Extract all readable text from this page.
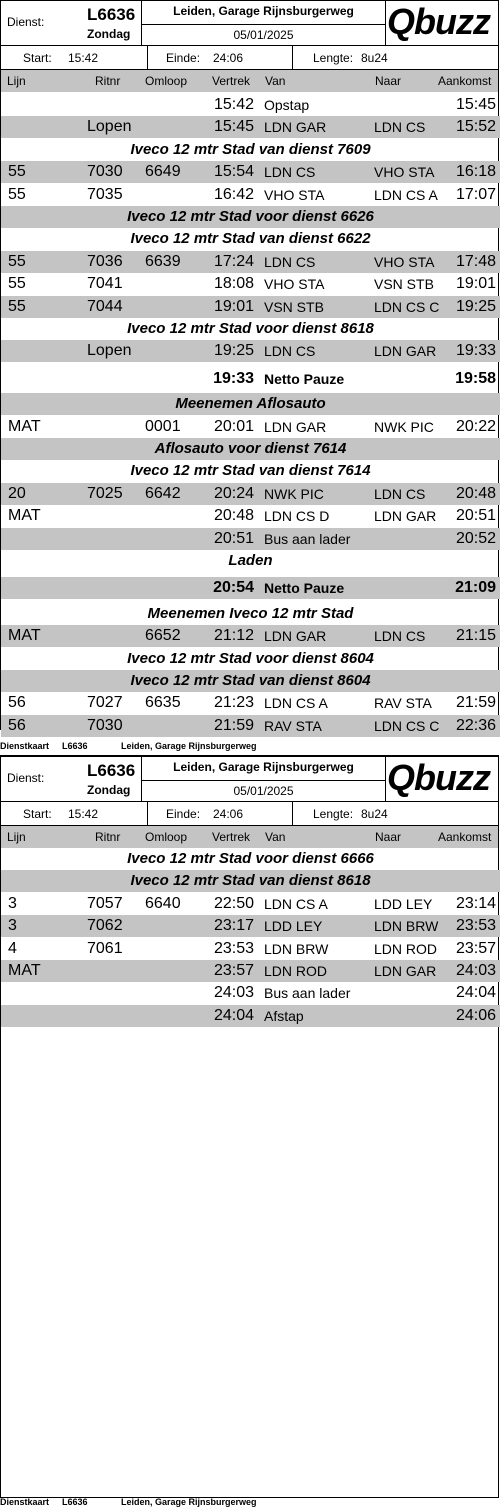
Dienst:	L6636
Zondag
Leiden, Garage Rijnsburgerweg
05/01/2025	Qbuzz
Start: 15:42	Einde: 24:06	Lengte: 8u24
Lijn	Ritnr Omloop Vertrek Van	Naar	Aankomst
15:42 Opstap	15:45
Lopen	15:45 LDN GAR	LDN CS	15:52
Iveco 12 mtr Stad van dienst 7609
55	7030 6649	15:54 LDN CS	VHO STA	16:18
55	7035	16:42 VHO STA	LDN CS A	17:07
Iveco 12 mtr Stad voor dienst 6626
Iveco 12 mtr Stad van dienst 6622
55	7036 6639	17:24 LDN CS	VHO STA	17:48
55	7041	18:08 VHO STA	VSN STB	19:01
55	7044	19:01 VSN STB	LDN CS C	19:25
Iveco 12 mtr Stad voor dienst 8618
Lopen	19:25 LDN CS	LDN GAR	19:33
19:33 Netto Pauze	19:58
Meenemen Aflosauto
MAT	0001	20:01 LDN GAR	NWK PIC	20:22
Aflosauto voor dienst 7614
Iveco 12 mtr Stad van dienst 7614
20	7025 6642	20:24 NWK PIC	LDN CS	20:48
MAT	20:48 LDN CS D	LDN GAR	20:51
20:51 Bus aan lader	20:52
Laden
20:54 Netto Pauze	21:09
Meenemen Iveco 12 mtr Stad
MAT	6652	21:12 LDN GAR	LDN CS	21:15
Iveco 12 mtr Stad voor dienst 8604
Iveco 12 mtr Stad van dienst 8604
56	7027 6635	21:23 LDN CS A	RAV STA	21:59
56	7030	21:59 RAV STA	LDN CS C	22:36
Dienstkaart L6636	Leiden, Garage Rijnsburgerweg
Dienst:	L6636
Zondag
Leiden, Garage Rijnsburgerweg
05/01/2025	Qbuzz
Start: 15:42	Einde: 24:06	Lengte: 8u24
Lijn	Ritnr Omloop Vertrek Van	Naar	Aankomst
Iveco 12 mtr Stad voor dienst 6666
Iveco 12 mtr Stad van dienst 8618
3	7057 6640	22:50 LDN CS A	LDD LEY	23:14
3	7062	23:17 LDD LEY	LDN BRW	23:53
4	7061	23:53 LDN BRW	LDN ROD	23:57
MAT	23:57 LDN ROD	LDN GAR	24:03
24:03 Bus aan lader	24:04
24:04 Afstap	24:06
Dienstkaart L6636	Leiden, Garage Rijnsburgerweg
